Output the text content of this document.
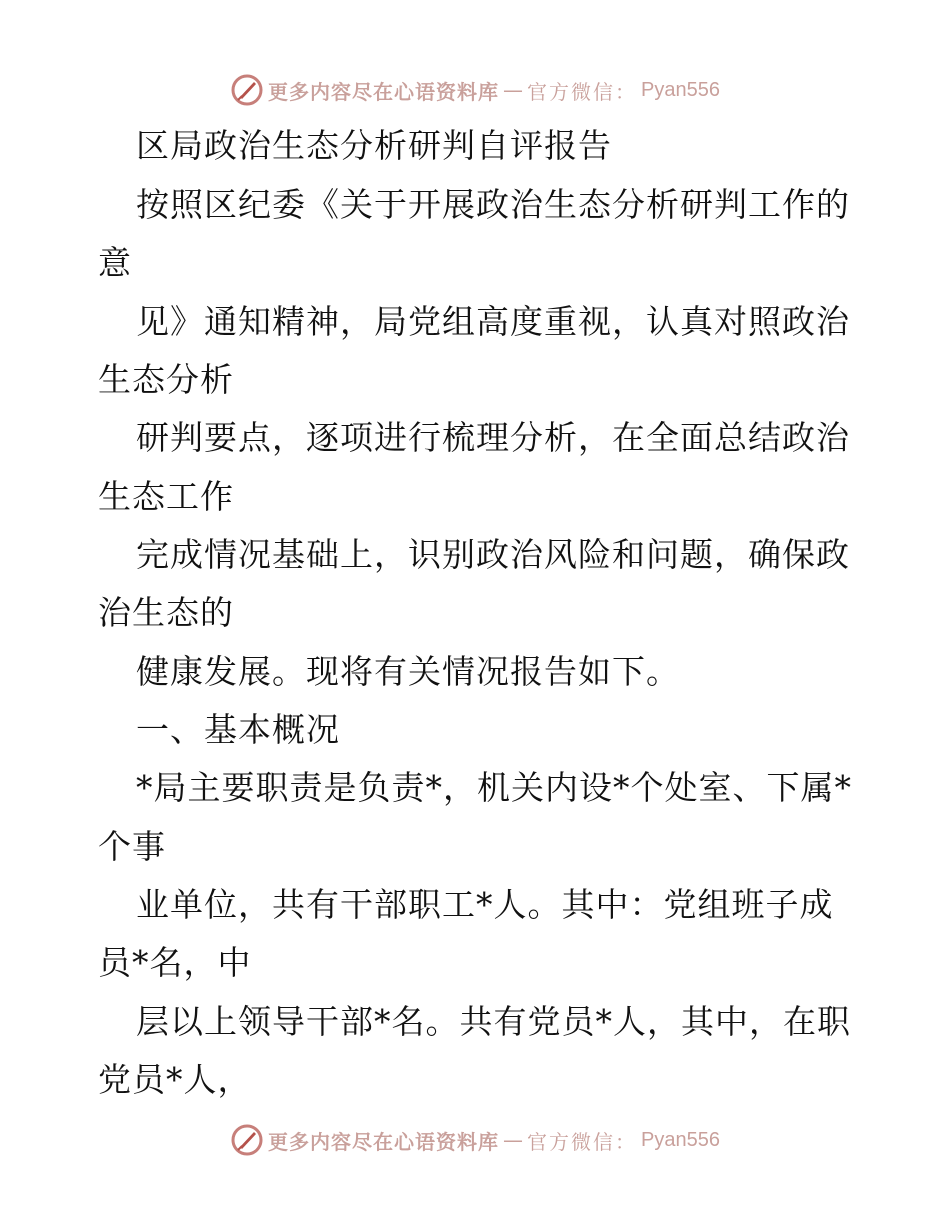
更多内容尽在心语资料库 — 官方微信： Pyan556
区局政治生态分析研判自评报告
按照区纪委《关于开展政治生态分析研判工作的
意
见》通知精神，局党组高度重视，认真对照政治
生态分析
研判要点，逐项进行梳理分析，在全面总结政治
生态工作
完成情况基础上，识别政治风险和问题，确保政
治生态的
健康发展。现将有关情况报告如下。
一、基本概况
*局主要职责是负责*，机关内设*个处室、下属*
个事
业单位，共有干部职工*人。其中：党组班子成
员*名，中
层以上领导干部*名。共有党员*人，其中，在职
党员*人，
更多内容尽在心语资料库 — 官方微信： Pyan556
